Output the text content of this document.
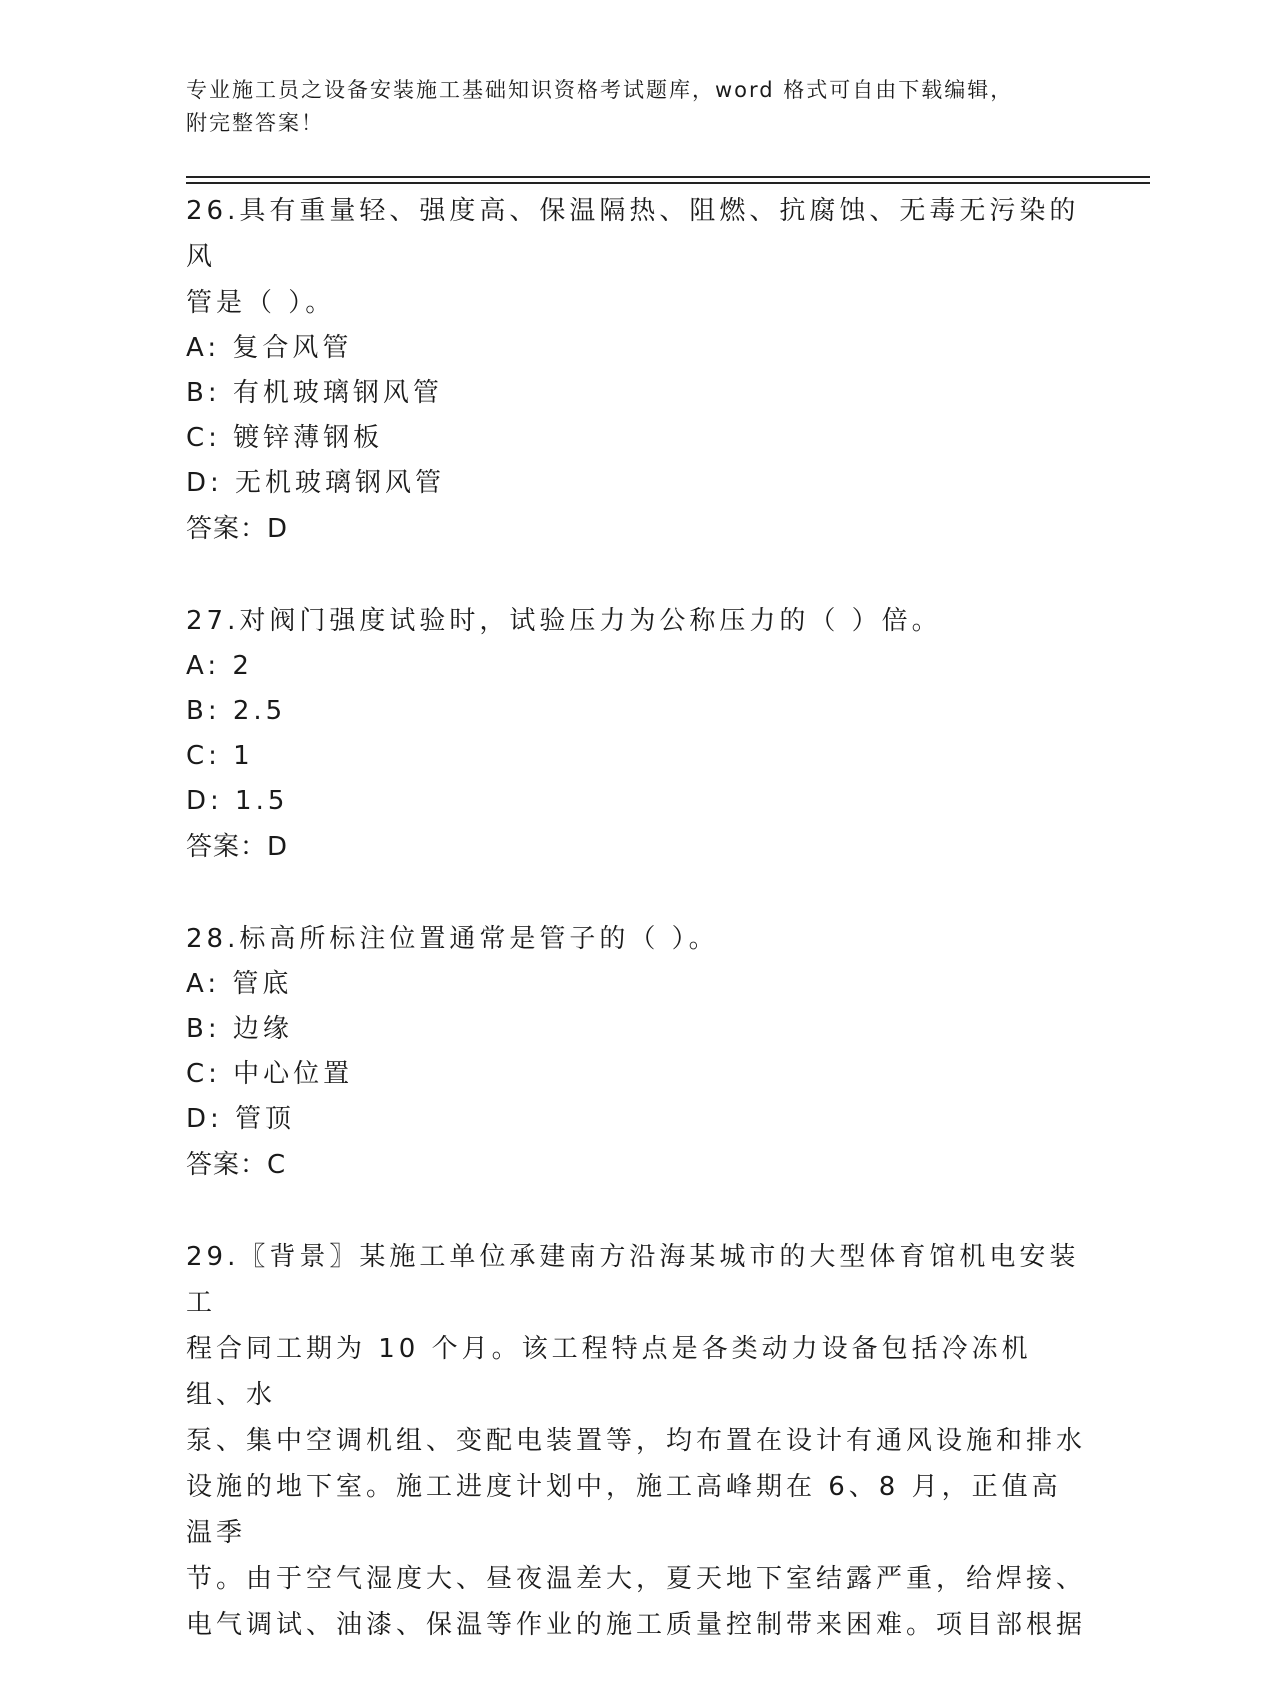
专业施工员之设备安装施工基础知识资格考试题库，word 格式可自由下载编辑，
附完整答案！
26.具有重量轻、强度高、保温隔热、阻燃、抗腐蚀、无毒无污染的风
管是（ ）。
A: 复合风管
B: 有机玻璃钢风管
C: 镀锌薄钢板
D: 无机玻璃钢风管
答案：D
27.对阀门强度试验时，试验压力为公称压力的（ ）倍。
A: 2
B: 2.5
C: 1
D: 1.5
答案：D
28.标高所标注位置通常是管子的（ ）。
A: 管底
B: 边缘
C: 中心位置
D: 管顶
答案：C
29.〖背景〗某施工单位承建南方沿海某城市的大型体育馆机电安装工
程合同工期为 10 个月。该工程特点是各类动力设备包括冷冻机组、水
泵、集中空调机组、变配电装置等，均布置在设计有通风设施和排水
设施的地下室。施工进度计划中，施工高峰期在 6、8 月，正值高温季
节。由于空气湿度大、昼夜温差大，夏天地下室结露严重，给焊接、
电气调试、油漆、保温等作业的施工质量控制带来困难。项目部根据
